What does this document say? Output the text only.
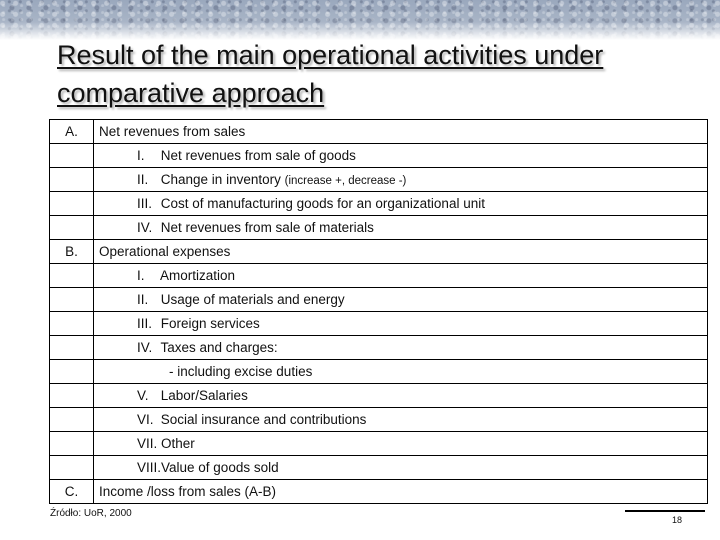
Result of the main operational activities under comparative approach
A.	Net revenues from sales
	I. Net revenues from sale of goods
	II. Change in inventory (increase +, decrease -)
	III. Cost of manufacturing goods for an organizational unit
	IV. Net revenues from sale of materials
B.	Operational expenses
	I. Amortization
	II. Usage of materials and energy
	III. Foreign services
	IV. Taxes and charges:
	- including excise duties
	V. Labor/Salaries
	VI. Social insurance and contributions
	VII. Other
	VIII.Value of goods sold
C.	Income /loss from sales (A-B)
Źródło: UoR, 2000
18
